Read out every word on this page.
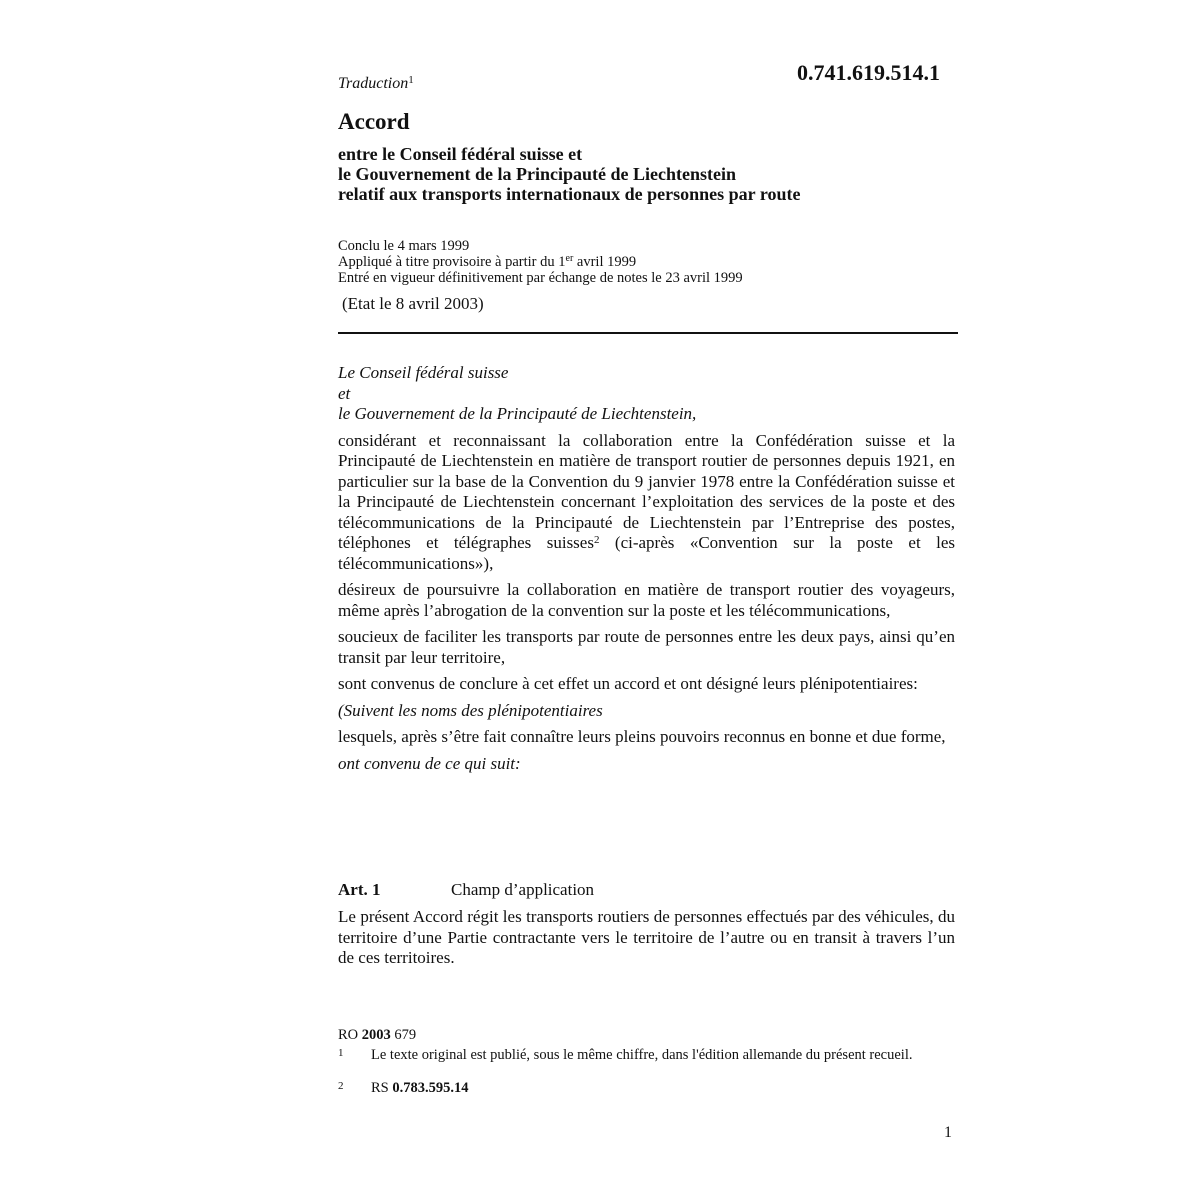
0.741.619.514.1
Traduction$^1$
Accord
entre le Conseil fédéral suisse et
le Gouvernement de la Principauté de Liechtenstein
relatif aux transports internationaux de personnes par route
Conclu le 4 mars 1999
Appliqué à titre provisoire à partir du 1er avril 1999
Entré en vigueur définitivement par échange de notes le 23 avril 1999
(Etat le 8 avril 2003)
Le Conseil fédéral suisse
et
le Gouvernement de la Principauté de Liechtenstein,
considérant et reconnaissant la collaboration entre la Confédération suisse et la Principauté de Liechtenstein en matière de transport routier de personnes depuis 1921, en particulier sur la base de la Convention du 9 janvier 1978 entre la Confédération suisse et la Principauté de Liechtenstein concernant l’exploitation des services de la poste et des télécommunications de la Principauté de Liechtenstein par l’Entreprise des postes, téléphones et télégraphes suisses$^2$ (ci-après «Convention sur la poste et les télécommunications»),
désireux de poursuivre la collaboration en matière de transport routier des voyageurs, même après l’abrogation de la convention sur la poste et les télécommunications,
soucieux de faciliter les transports par route de personnes entre les deux pays, ainsi qu’en transit par leur territoire,
sont convenus de conclure à cet effet un accord et ont désigné leurs plénipotentiaires:
(Suivent les noms des plénipotentiaires
lesquels, après s’être fait connaître leurs pleins pouvoirs reconnus en bonne et due forme,
ont convenu de ce qui suit:
Art. 1	Champ d’application
Le présent Accord régit les transports routiers de personnes effectués par des véhicules, du territoire d’une Partie contractante vers le territoire de l’autre ou en transit à travers l’un de ces territoires.
RO 2003 679
1 Le texte original est publié, sous le même chiffre, dans l'édition allemande du présent recueil.
2 RS 0.783.595.14
1
